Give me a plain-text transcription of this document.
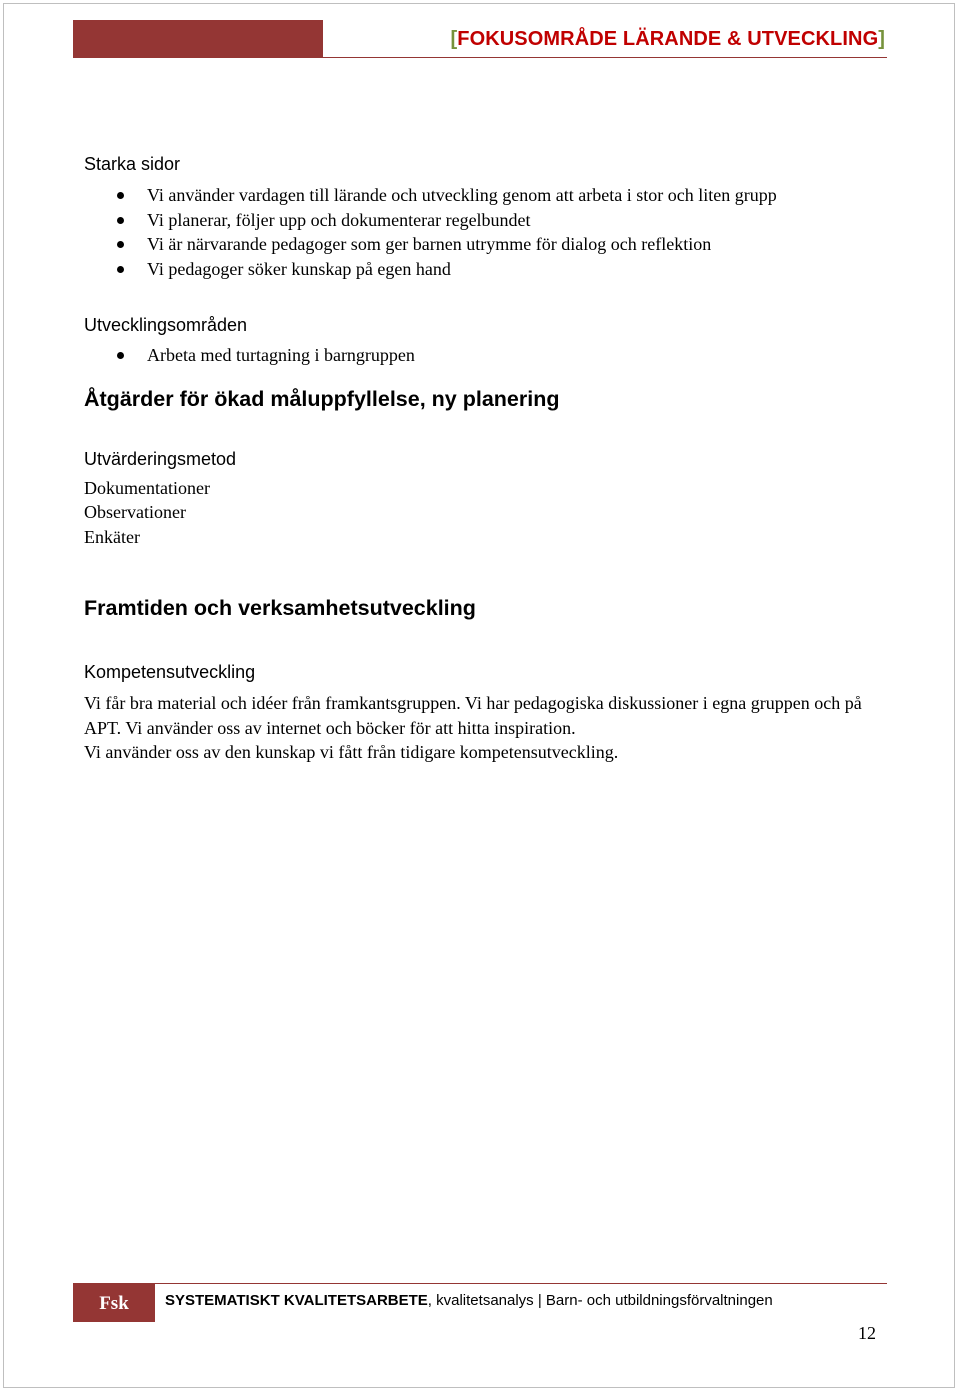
[FOKUSOMRÅDE LÄRANDE & UTVECKLING]

Starka sidor

Vi använder vardagen till lärande och utveckling genom att arbeta i stor och liten grupp
Vi planerar, följer upp och dokumenterar regelbundet
Vi är närvarande pedagoger som ger barnen utrymme för dialog och reflektion
Vi pedagoger söker kunskap på egen hand

Utvecklingsområden

Arbeta med turtagning i barngruppen

Åtgärder för ökad måluppfyllelse, ny planering

Utvärderingsmetod

Dokumentationer
Observationer
Enkäter

Framtiden och verksamhetsutveckling

Kompetensutveckling

Vi får bra material och idéer från framkantsgruppen. Vi har pedagogiska diskussioner i egna gruppen och på APT. Vi använder oss av internet och böcker för att hitta inspiration.
Vi använder oss av den kunskap vi fått från tidigare kompetensutveckling.
Fsk	SYSTEMATISKT KVALITETSARBETE, kvalitetsanalys | Barn- och utbildningsförvaltningen
12
